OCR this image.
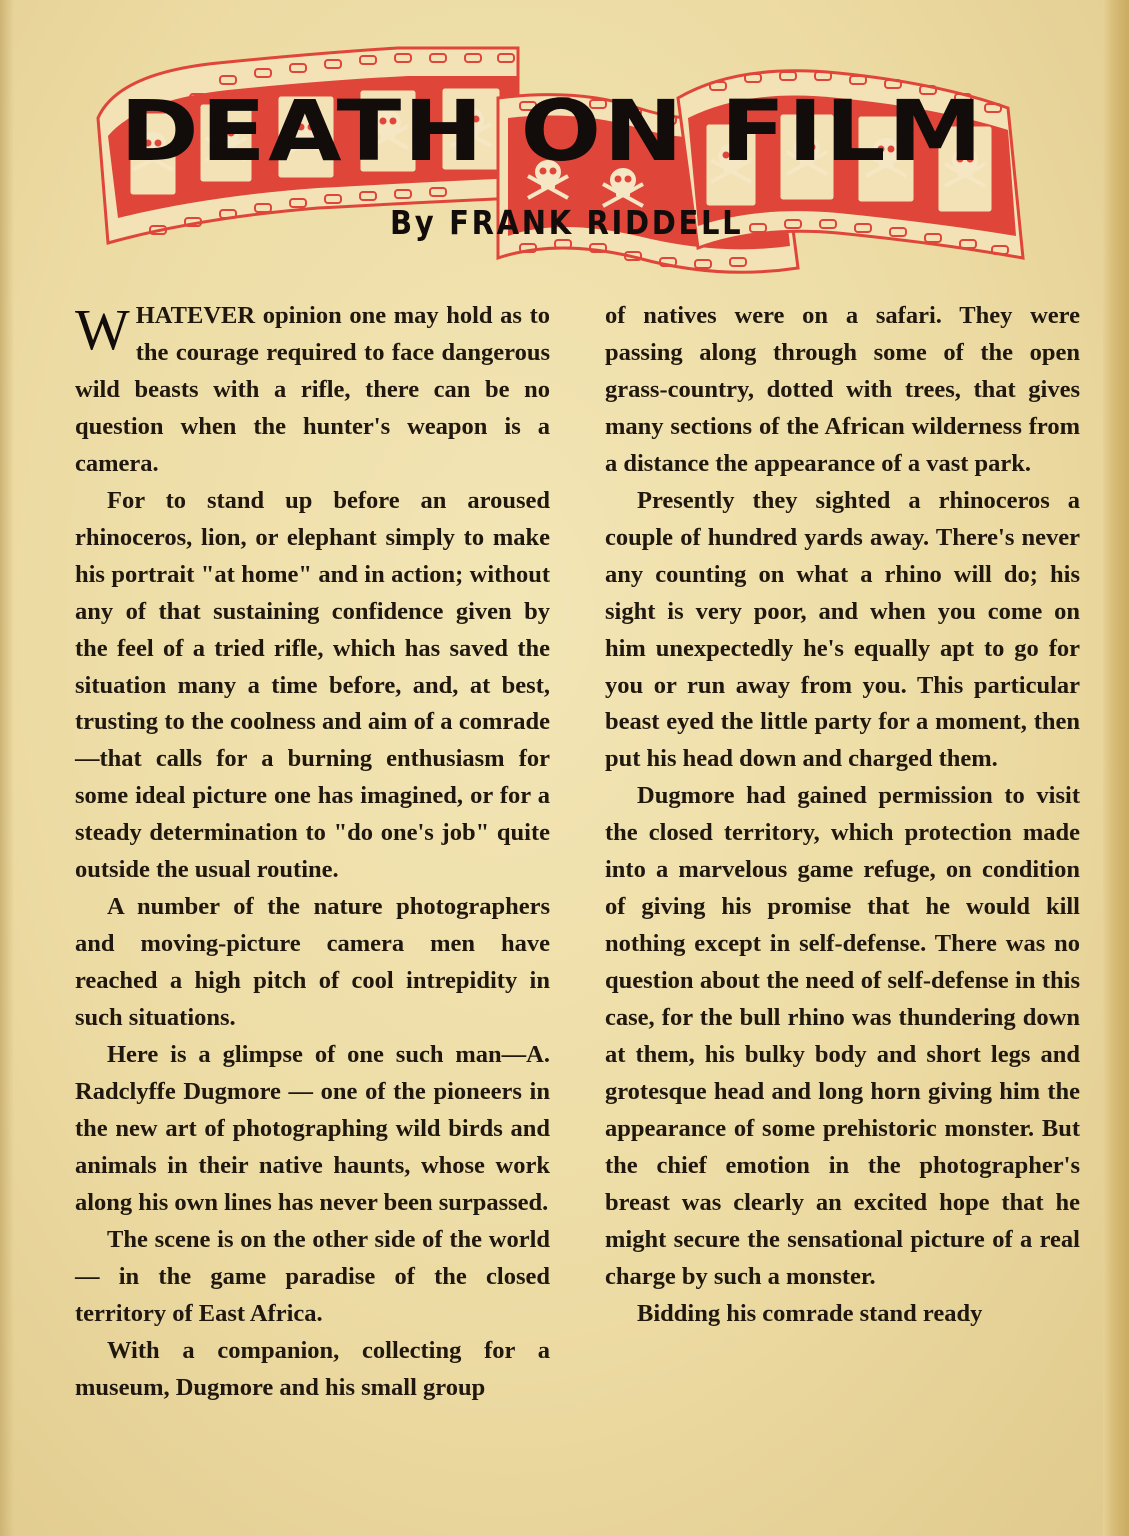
DEATH ON FILM
By FRANK RIDDELL

WHATEVER opinion one may hold as to the courage required to face dangerous wild beasts with a rifle, there can be no question when the hunter's weapon is a camera.

For to stand up before an aroused rhinoceros, lion, or elephant simply to make his portrait "at home" and in action; without any of that sustaining confidence given by the feel of a tried rifle, which has saved the situation many a time before, and, at best, trusting to the coolness and aim of a comrade—that calls for a burning enthusiasm for some ideal picture one has imagined, or for a steady determination to "do one's job" quite outside the usual routine.

A number of the nature photographers and moving-picture camera men have reached a high pitch of cool intrepidity in such situations.

Here is a glimpse of one such man—A. Radclyffe Dugmore — one of the pioneers in the new art of photographing wild birds and animals in their native haunts, whose work along his own lines has never been surpassed.

The scene is on the other side of the world — in the game paradise of the closed territory of East Africa.

With a companion, collecting for a museum, Dugmore and his small group

of natives were on a safari. They were passing along through some of the open grass-country, dotted with trees, that gives many sections of the African wilderness from a distance the appearance of a vast park.

Presently they sighted a rhinoceros a couple of hundred yards away. There's never any counting on what a rhino will do; his sight is very poor, and when you come on him unexpectedly he's equally apt to go for you or run away from you. This particular beast eyed the little party for a moment, then put his head down and charged them.

Dugmore had gained permission to visit the closed territory, which protection made into a marvelous game refuge, on condition of giving his promise that he would kill nothing except in self-defense. There was no question about the need of self-defense in this case, for the bull rhino was thundering down at them, his bulky body and short legs and grotesque head and long horn giving him the appearance of some prehistoric monster. But the chief emotion in the photographer's breast was clearly an excited hope that he might secure the sensational picture of a real charge by such a monster.

Bidding his comrade stand ready
